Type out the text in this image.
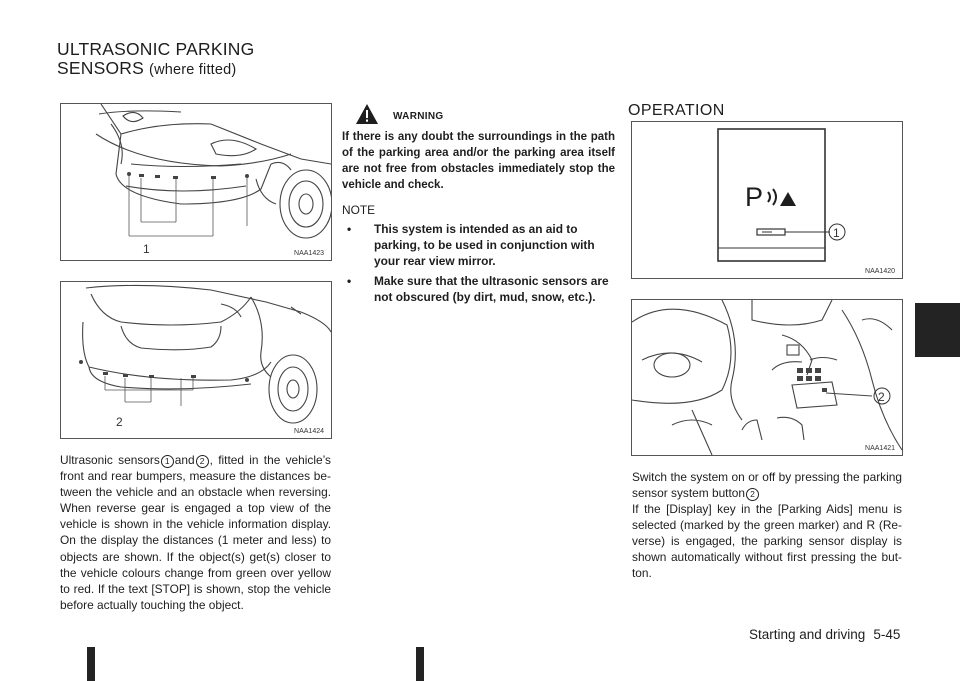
ULTRASONIC PARKING
SENSORS (where fitted)
1	NAA1423
2
NAA1424
Ultrasonic sensors 1 and 2 , fitted in the vehicle’s front and rear bumpers, measure the distances be- tween the vehicle and an obstacle when reversing. When reverse gear is engaged a top view of the vehicle is shown in the vehicle information display. On the display the distances (1 meter and less) to objects are shown. If the object(s) get(s) closer to the vehicle colours change from green over yellow to red. If the text [STOP] is shown, stop the vehicle before actually touching the object.
WARNING
If there is any doubt the surroundings in the path of the parking area and/or the parking area itself are not free from obstacles immediately stop the vehicle and check.
NOTE
• This system is intended as an aid to parking, to be used in conjunction with your rear view mirror.
• Make sure that the ultrasonic sensors are not obscured (by dirt, mud, snow, etc.).
OPERATION
P
1
NAA1420
2
NAA1421
Switch the system on or off by pressing the parking sensor system button 2
If the [Display] key in the [Parking Aids] menu is selected (marked by the green marker) and R (Re- verse) is engaged, the parking sensor display is shown automatically without first pressing the but- ton.
Starting and driving 5-45
